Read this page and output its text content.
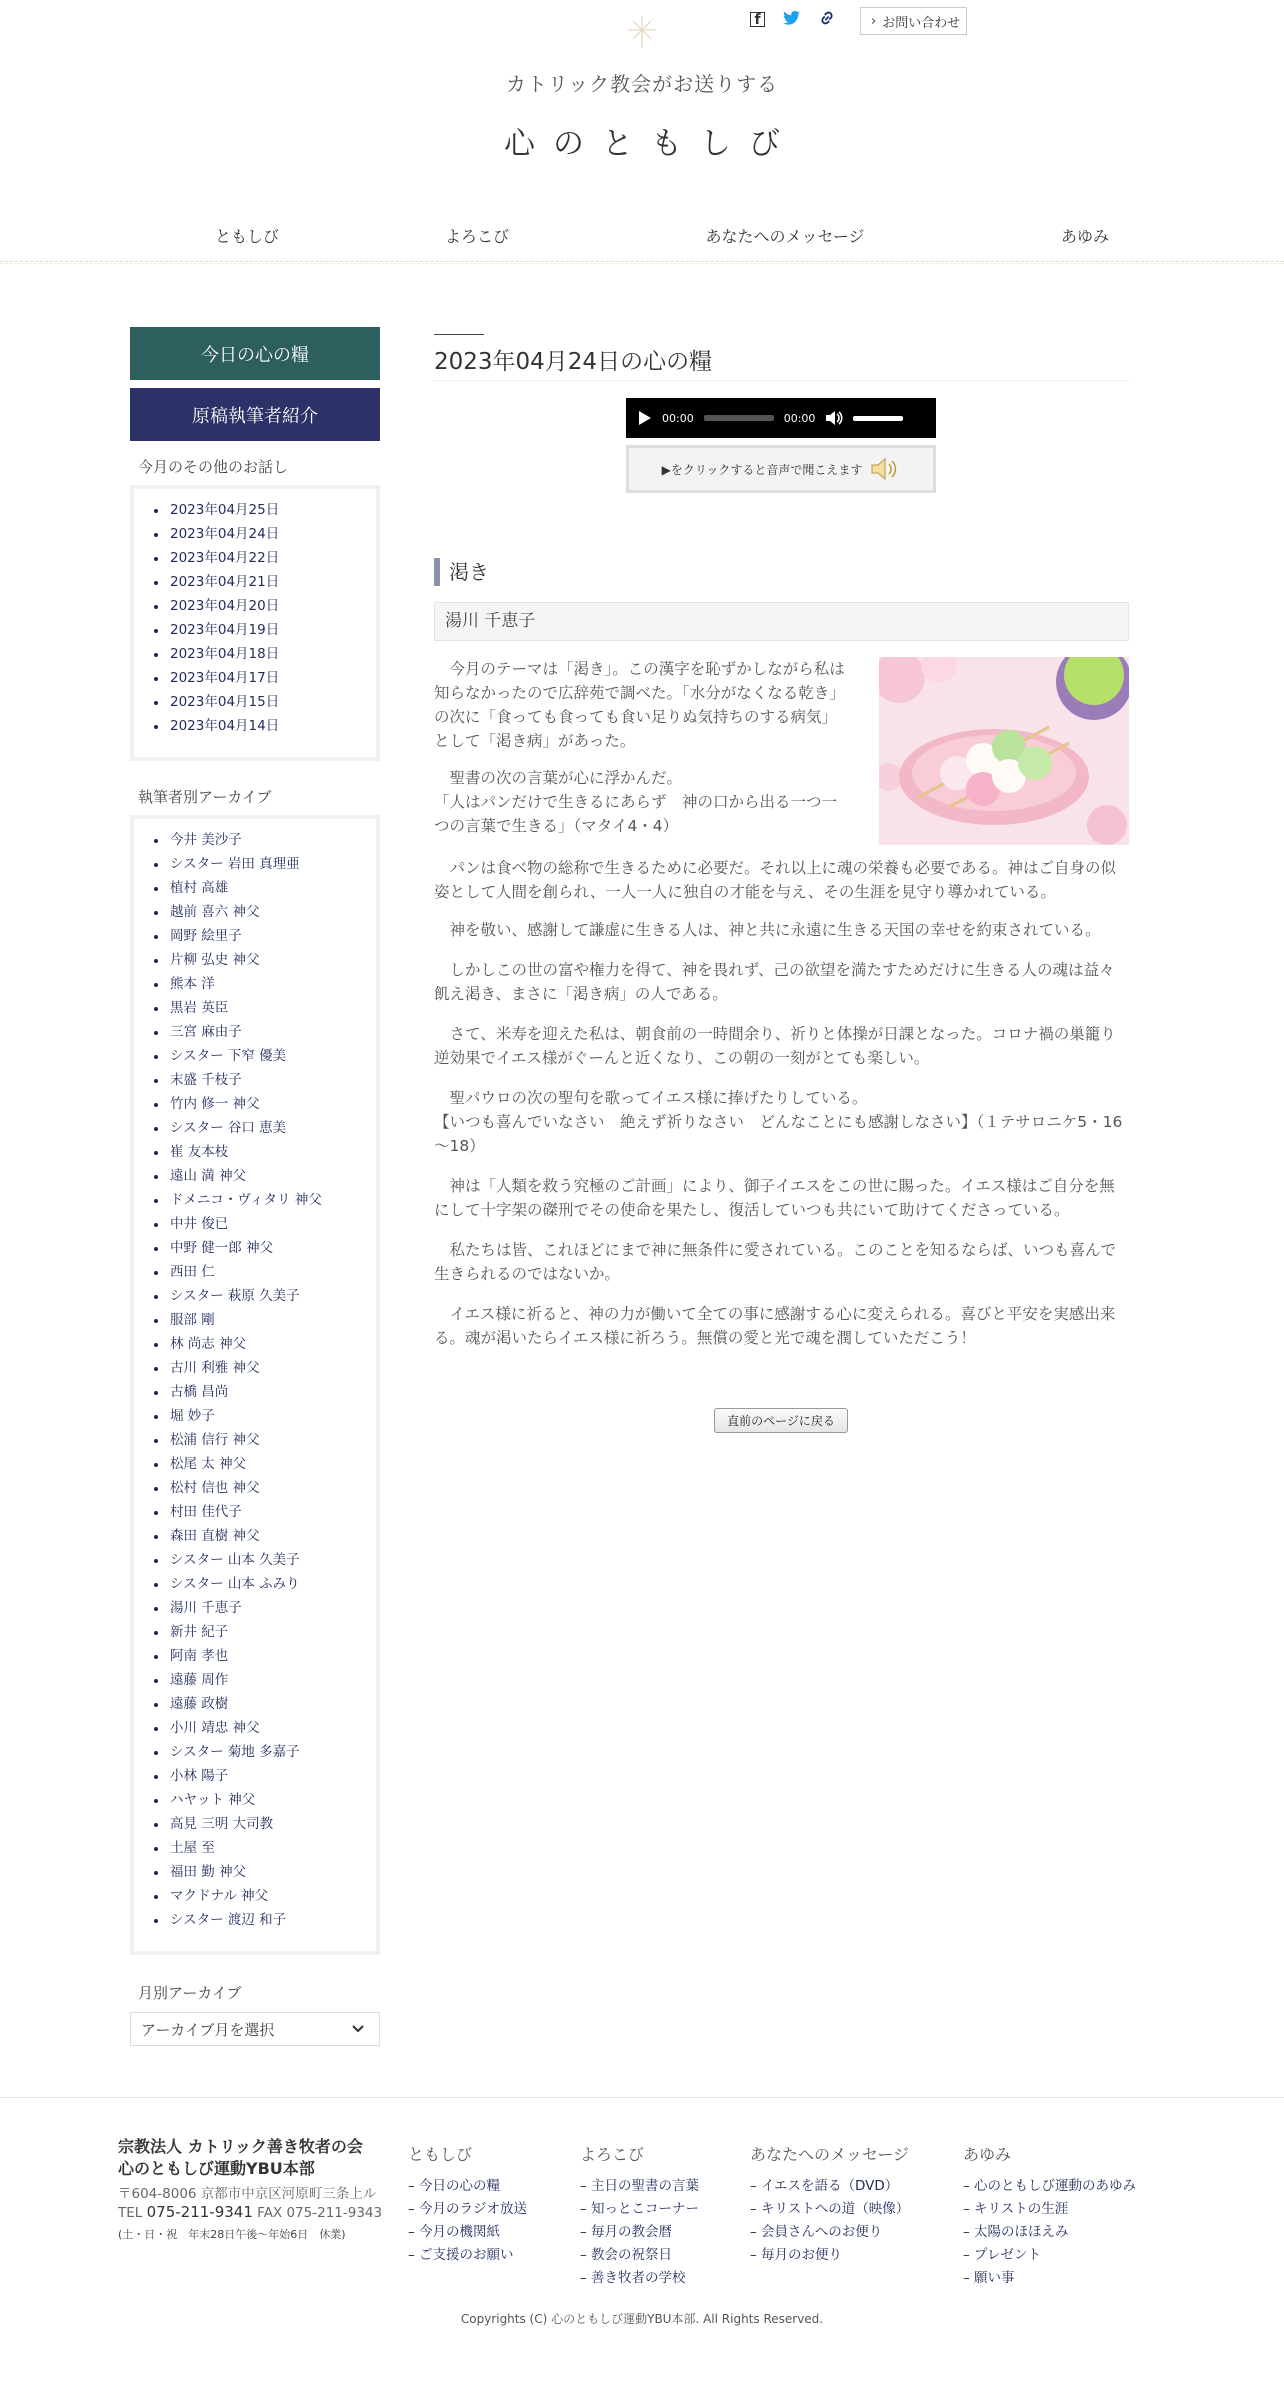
f	› お問い合わせ
カトリック教会がお送りする
心のともしび
ともしび	よろこび	あなたへのメッセージ	あゆみ
今日の心の糧
原稿執筆者紹介
今月のその他のお話し
2023年04月25日
2023年04月24日
2023年04月22日
2023年04月21日
2023年04月20日
2023年04月19日
2023年04月18日
2023年04月17日
2023年04月15日
2023年04月14日
執筆者別アーカイブ
今井 美沙子
シスター 岩田 真理亜
植村 高雄
越前 喜六 神父
岡野 絵里子
片柳 弘史 神父
熊本 洋
黒岩 英臣
三宮 麻由子
シスター 下窄 優美
末盛 千枝子
竹内 修一 神父
シスター 谷口 恵美
崔 友本枝
遠山 満 神父
ドメニコ・ヴィタリ 神父
中井 俊已
中野 健一郎 神父
西田 仁
シスター 萩原 久美子
服部 剛
林 尚志 神父
古川 利雅 神父
古橋 昌尚
堀 妙子
松浦 信行 神父
松尾 太 神父
松村 信也 神父
村田 佳代子
森田 直樹 神父
シスター 山本 久美子
シスター 山本 ふみり
湯川 千恵子
新井 紀子
阿南 孝也
遠藤 周作
遠藤 政樹
小川 靖忠 神父
シスター 菊地 多嘉子
小林 陽子
ハヤット 神父
高見 三明 大司教
土屋 至
福田 勤 神父
マクドナル 神父
シスター 渡辺 和子
月別アーカイブ
アーカイブ月を選択
2023年04月24日の心の糧
00:00	00:00
▶をクリックすると音声で聞こえます
渇き
湯川 千恵子
今月のテーマは「渇き」。この漢字を恥ずかしながら私は知らなかったので広辞苑で調べた。「水分がなくなる乾き」の次に「食っても食っても食い足りぬ気持ちのする病気」として「渇き病」があった。
聖書の次の言葉が心に浮かんだ。
「人はパンだけで生きるにあらず　神の口から出る一つ一つの言葉で生きる」（マタイ4・4）
パンは食べ物の総称で生きるために必要だ。それ以上に魂の栄養も必要である。神はご自身の似姿として人間を創られ、一人一人に独自の才能を与え、その生涯を見守り導かれている。
神を敬い、感謝して謙虚に生きる人は、神と共に永遠に生きる天国の幸せを約束されている。
しかしこの世の富や権力を得て、神を畏れず、己の欲望を満たすためだけに生きる人の魂は益々飢え渇き、まさに「渇き病」の人である。
さて、米寿を迎えた私は、朝食前の一時間余り、祈りと体操が日課となった。コロナ禍の巣籠り逆効果でイエス様がぐーんと近くなり、この朝の一刻がとても楽しい。
聖パウロの次の聖句を歌ってイエス様に捧げたりしている。
【いつも喜んでいなさい　絶えず祈りなさい　どんなことにも感謝しなさい】（１テサロニケ5・16～18）
神は「人類を救う究極のご計画」により、御子イエスをこの世に賜った。イエス様はご自分を無にして十字架の磔刑でその使命を果たし、復活していつも共にいて助けてくださっている。
私たちは皆、これほどにまで神に無条件に愛されている。このことを知るならば、いつも喜んで生きられるのではないか。
イエス様に祈ると、神の力が働いて全ての事に感謝する心に変えられる。喜びと平安を実感出来る。魂が渇いたらイエス様に祈ろう。無償の愛と光で魂を潤していただこう！
直前のページに戻る
宗教法人 カトリック善き牧者の会
心のともしび運動YBU本部
〒604-8006 京都市中京区河原町三条上ル
TEL 075-211-9341 FAX 075-211-9343
(土・日・祝　年末28日午後〜年始6日　休業)
ともしび
– 今日の心の糧
– 今月のラジオ放送
– 今月の機関紙
– ご支援のお願い
よろこび
– 主日の聖書の言葉
– 知っとこコーナー
– 毎月の教会暦
– 教会の祝祭日
– 善き牧者の学校
あなたへのメッセージ
– イエスを語る（DVD）
– キリストへの道（映像）
– 会員さんへのお便り
– 毎月のお便り
あゆみ
– 心のともしび運動のあゆみ
– キリストの生涯
– 太陽のほほえみ
– プレゼント
– 願い事
Copyrights (C) 心のともしび運動YBU本部. All Rights Reserved.
